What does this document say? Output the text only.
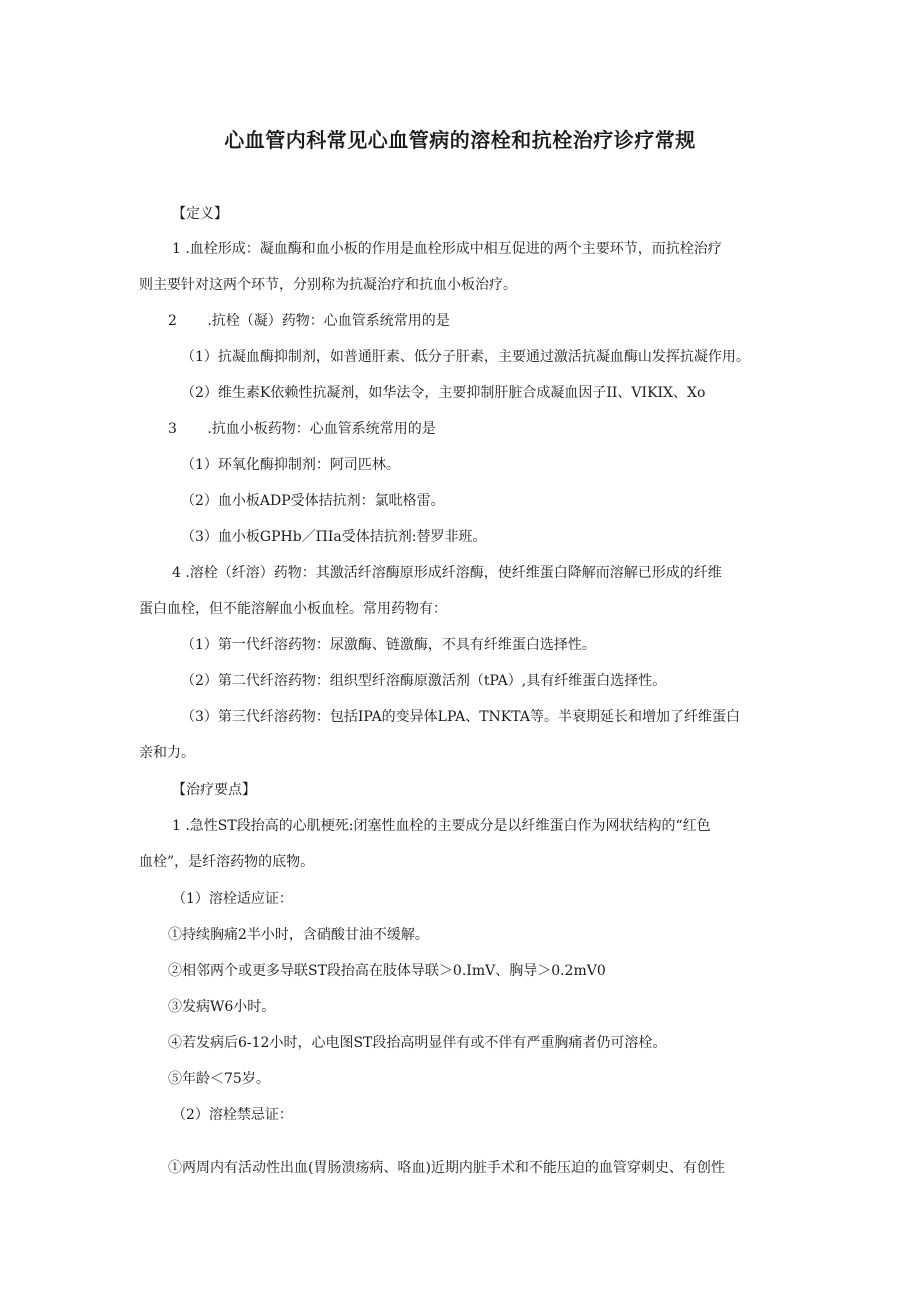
心血管内科常见心血管病的溶栓和抗栓治疗诊疗常规
【定义】
1 .血栓形成：凝血酶和血小板的作用是血栓形成中相互促进的两个主要环节，而抗栓治疗
则主要针对这两个环节，分别称为抗凝治疗和抗血小板治疗。
2 .抗栓（凝）药物：心血管系统常用的是
（1）抗凝血酶抑制剂，如普通肝素、低分子肝素，主要通过激活抗凝血酶山发挥抗凝作用。
（2）维生素K依赖性抗凝剂，如华法令，主要抑制肝脏合成凝血因子II、VIKIX、Xo
3 .抗血小板药物：心血管系统常用的是
（1）环氧化酶抑制剂：阿司匹林。
（2）血小板ADP受体拮抗剂：氯吡格雷。
（3）血小板GPHb／ΠIa受体拮抗剂:替罗非班。
4 .溶栓（纤溶）药物：其激活纤溶酶原形成纤溶酶，使纤维蛋白降解而溶解已形成的纤维
蛋白血栓，但不能溶解血小板血栓。常用药物有：
（1）第一代纤溶药物：尿激酶、链激酶，不具有纤维蛋白选择性。
（2）第二代纤溶药物：组织型纤溶酶原激活剂（tPA）,具有纤维蛋白选择性。
（3）第三代纤溶药物：包括IPA的变异体LPA、TNKTA等。半衰期延长和增加了纤维蛋白
亲和力。
【治疗要点】
1 .急性ST段抬高的心肌梗死:闭塞性血栓的主要成分是以纤维蛋白作为网状结构的“红色
血栓”，是纤溶药物的底物。
（1）溶栓适应证：
①持续胸痛2半小时，含硝酸甘油不缓解。
②相邻两个或更多导联ST段抬高在肢体导联＞0.ImV、胸导＞0.2mV0
③发病W6小时。
④若发病后6-12小时，心电图ST段抬高明显伴有或不伴有严重胸痛者仍可溶栓。
⑤年龄＜75岁。
（2）溶栓禁忌证：
①两周内有活动性出血(胃肠溃疡病、咯血)近期内脏手术和不能压迫的血管穿刺史、有创性
